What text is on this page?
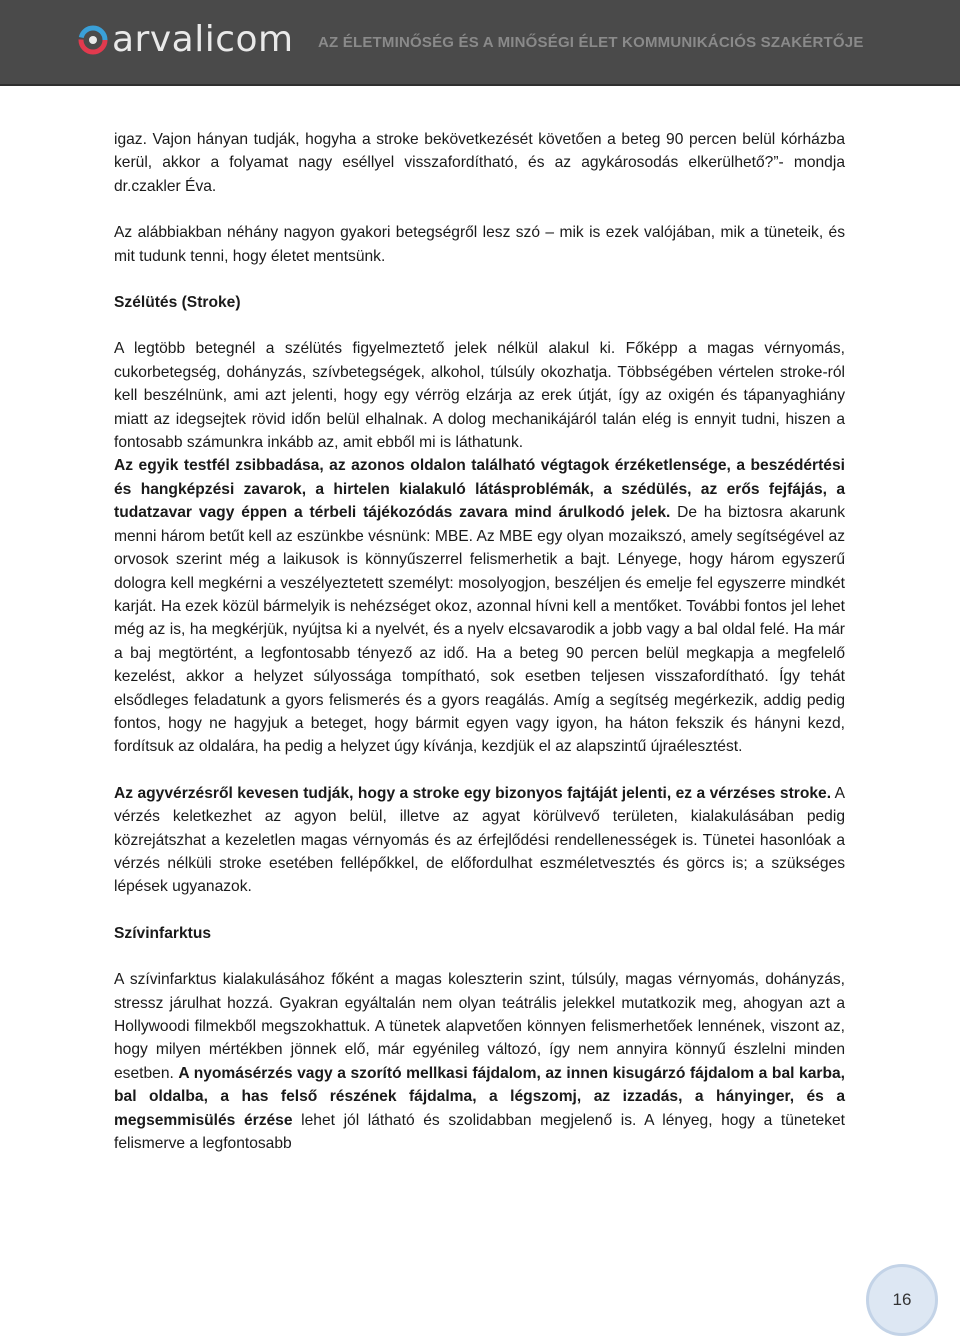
arvalicom AZ ÉLETMINŐSÉG ÉS A MINŐSÉGI ÉLET KOMMUNIKÁCIÓS SZAKÉRTŐJE

igaz. Vajon hányan tudják, hogyha a stroke bekövetkezését követően a beteg 90 percen belül kórházba kerül, akkor a folyamat nagy eséllyel visszafordítható, és az agykárosodás elkerülhető?”- mondja dr.czakler Éva.

Az alábbiakban néhány nagyon gyakori betegségről lesz szó – mik is ezek valójában, mik a tüneteik, és mit tudunk tenni, hogy életet mentsünk.

Szélütés (Stroke)

A legtöbb betegnél a szélütés figyelmeztető jelek nélkül alakul ki. Főképp a magas vérnyomás, cukorbetegség, dohányzás, szívbetegségek, alkohol, túlsúly okozhatja. Többségében vértelen stroke-ról kell beszélnünk, ami azt jelenti, hogy egy vérrög elzárja az erek útját, így az oxigén és tápanyaghiány miatt az idegsejtek rövid időn belül elhalnak. A dolog mechanikájáról talán elég is ennyit tudni, hiszen a fontosabb számunkra inkább az, amit ebből mi is láthatunk.

Az egyik testfél zsibbadása, az azonos oldalon található végtagok érzéketlensége, a beszédértési és hangképzési zavarok, a hirtelen kialakuló látásproblémák, a szédülés, az erős fejfájás, a tudatzavar vagy éppen a térbeli tájékozódás zavara mind árulkodó jelek. De ha biztosra akarunk menni három betűt kell az eszünkbe vésnünk: MBE. Az MBE egy olyan mozaikszó, amely segítségével az orvosok szerint még a laikusok is könnyűszerrel felismerhetik a bajt. Lényege, hogy három egyszerű dologra kell megkérni a veszélyeztetett személyt: mosolyogjon, beszéljen és emelje fel egyszerre mindkét karját. Ha ezek közül bármelyik is nehézséget okoz, azonnal hívni kell a mentőket. További fontos jel lehet még az is, ha megkérjük, nyújtsa ki a nyelvét, és a nyelv elcsavarodik a jobb vagy a bal oldal felé. Ha már a baj megtörtént, a legfontosabb tényező az idő. Ha a beteg 90 percen belül megkapja a megfelelő kezelést, akkor a helyzet súlyossága tompítható, sok esetben teljesen visszafordítható. Így tehát elsődleges feladatunk a gyors felismerés és a gyors reagálás. Amíg a segítség megérkezik, addig pedig fontos, hogy ne hagyjuk a beteget, hogy bármit egyen vagy igyon, ha háton fekszik és hányni kezd, fordítsuk az oldalára, ha pedig a helyzet úgy kívánja, kezdjük el az alapszintű újraélesztést.

Az agyvérzésről kevesen tudják, hogy a stroke egy bizonyos fajtáját jelenti, ez a vérzéses stroke. A vérzés keletkezhet az agyon belül, illetve az agyat körülvevő területen, kialakulásában pedig közrejátszhat a kezeletlen magas vérnyomás és az érfejlődési rendellenességek is. Tünetei hasonlóak a vérzés nélküli stroke esetében fellépőkkel, de előfordulhat eszméletvesztés és görcs is; a szükséges lépések ugyanazok.

Szívinfarktus

A szívinfarktus kialakulásához főként a magas koleszterin szint, túlsúly, magas vérnyomás, dohányzás, stressz járulhat hozzá. Gyakran egyáltalán nem olyan teátrális jelekkel mutatkozik meg, ahogyan azt a Hollywoodi filmekből megszokhattuk. A tünetek alapvetően könnyen felismerhetőek lennének, viszont az, hogy milyen mértékben jönnek elő, már egyénileg változó, így nem annyira könnyű észlelni minden esetben. A nyomásérzés vagy a szorító mellkasi fájdalom, az innen kisugárzó fájdalom a bal karba, bal oldalba, a has felső részének fájdalma, a légszomj, az izzadás, a hányinger, és a megsemmisülés érzése lehet jól látható és szolidabban megjelenő is. A lényeg, hogy a tüneteket felismerve a legfontosabb

16
